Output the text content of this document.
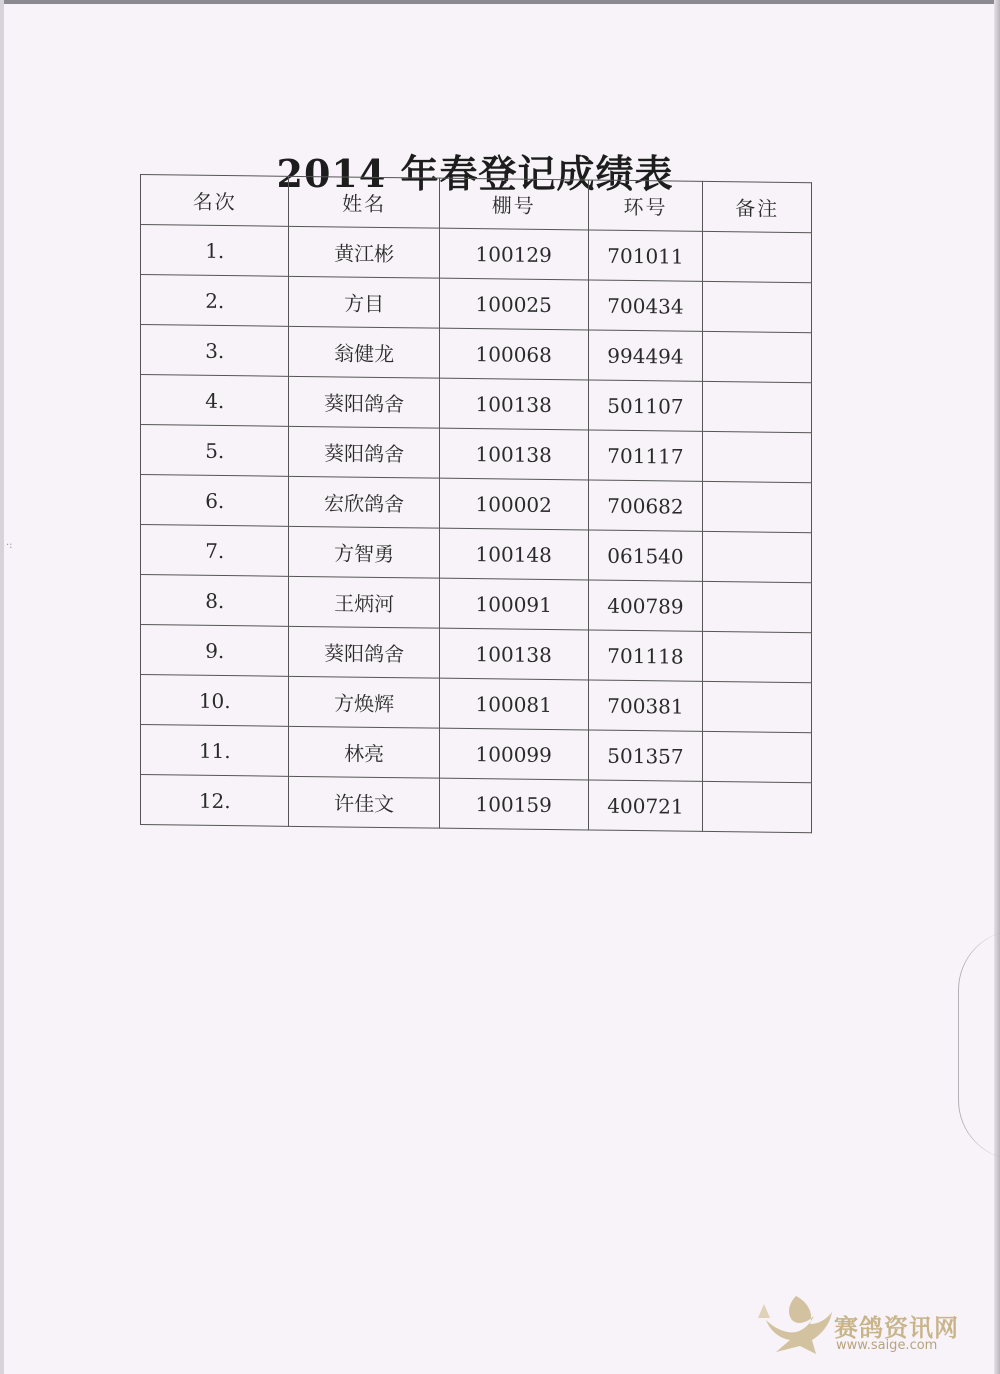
·:
2014 年春登记成绩表
名次	姓名	棚号	环号	备注
1.	黄江彬	100129	701011	
2.	方目	100025	700434	
3.	翁健龙	100068	994494	
4.	葵阳鸽舍	100138	501107	
5.	葵阳鸽舍	100138	701117	
6.	宏欣鸽舍	100002	700682	
7.	方智勇	100148	061540	
8.	王炳河	100091	400789	
9.	葵阳鸽舍	100138	701118	
10.	方焕辉	100081	700381	
11.	林亮	100099	501357	
12.	许佳文	100159	400721	
赛鸽资讯网
www.saige.com
